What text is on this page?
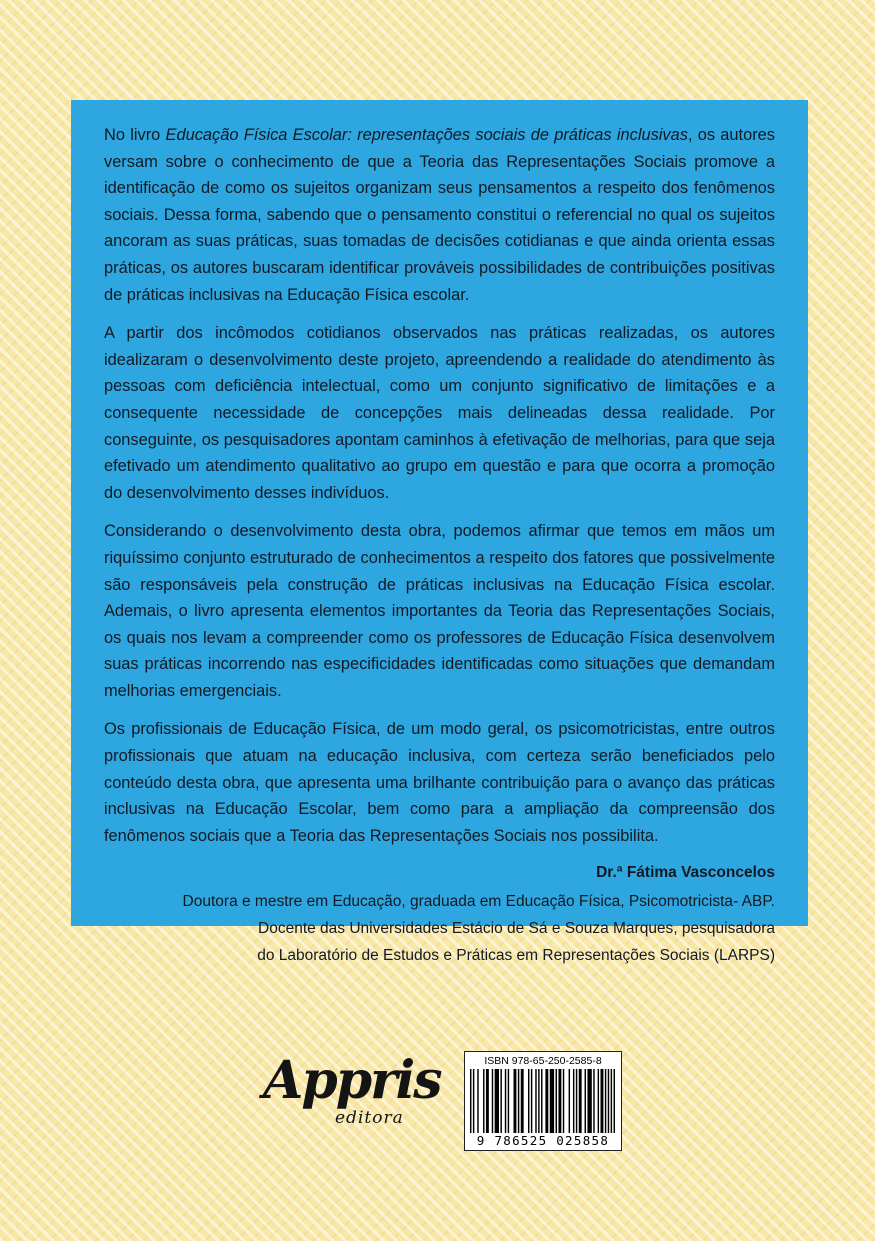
No livro Educação Física Escolar: representações sociais de práticas inclusivas, os autores versam sobre o conhecimento de que a Teoria das Representações Sociais promove a identificação de como os sujeitos organizam seus pensamentos a respeito dos fenômenos sociais. Dessa forma, sabendo que o pensamento constitui o referencial no qual os sujeitos ancoram as suas práticas, suas tomadas de decisões cotidianas e que ainda orienta essas práticas, os autores buscaram identificar prováveis possibilidades de contribuições positivas de práticas inclusivas na Educação Física escolar.

A partir dos incômodos cotidianos observados nas práticas realizadas, os autores idealizaram o desenvolvimento deste projeto, apreendendo a realidade do atendimento às pessoas com deficiência intelectual, como um conjunto significativo de limitações e a consequente necessidade de concepções mais delineadas dessa realidade. Por conseguinte, os pesquisadores apontam caminhos à efetivação de melhorias, para que seja efetivado um atendimento qualitativo ao grupo em questão e para que ocorra a promoção do desenvolvimento desses indivíduos.

Considerando o desenvolvimento desta obra, podemos afirmar que temos em mãos um riquíssimo conjunto estruturado de conhecimentos a respeito dos fatores que possivelmente são responsáveis pela construção de práticas inclusivas na Educação Física escolar. Ademais, o livro apresenta elementos importantes da Teoria das Representações Sociais, os quais nos levam a compreender como os professores de Educação Física desenvolvem suas práticas incorrendo nas especificidades identificadas como situações que demandam melhorias emergenciais.

Os profissionais de Educação Física, de um modo geral, os psicomotricistas, entre outros profissionais que atuam na educação inclusiva, com certeza serão beneficiados pelo conteúdo desta obra, que apresenta uma brilhante contribuição para o avanço das práticas inclusivas na Educação Escolar, bem como para a ampliação da compreensão dos fenômenos sociais que a Teoria das Representações Sociais nos possibilita.

Dr.ª Fátima Vasconcelos

Doutora e mestre em Educação, graduada em Educação Física, Psicomotricista- ABP.
Docente das Universidades Estácio de Sá e Souza Marques, pesquisadora
do Laboratório de Estudos e Práticas em Representações Sociais (LARPS)
Appris
editora
ISBN 978-65-250-2585-8
9 786525 025858
